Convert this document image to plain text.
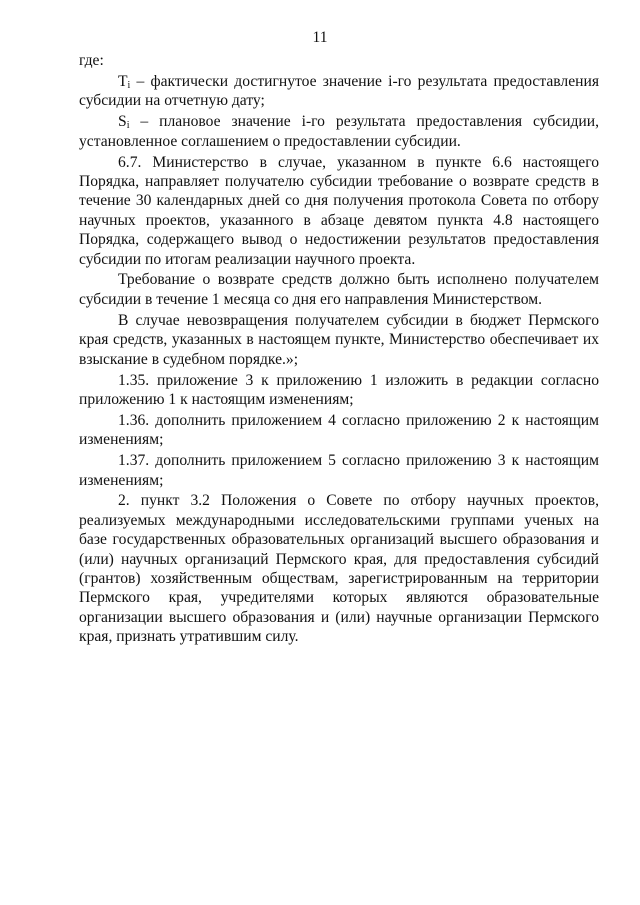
11

где:

$T_i$ – фактически достигнутое значение i-го результата предоставления субсидии на отчетную дату;

$S_i$ – плановое значение i-го результата предоставления субсидии, установленное соглашением о предоставлении субсидии.

6.7. Министерство в случае, указанном в пункте 6.6 настоящего Порядка, направляет получателю субсидии требование о возврате средств в течение 30 календарных дней со дня получения протокола Совета по отбору научных проектов, указанного в абзаце девятом пункта 4.8 настоящего Порядка, содержащего вывод о недостижении результатов предоставления субсидии по итогам реализации научного проекта.

Требование о возврате средств должно быть исполнено получателем субсидии в течение 1 месяца со дня его направления Министерством.

В случае невозвращения получателем субсидии в бюджет Пермского края средств, указанных в настоящем пункте, Министерство обеспечивает их взыскание в судебном порядке.»;

1.35. приложение 3 к приложению 1 изложить в редакции согласно приложению 1 к настоящим изменениям;

1.36. дополнить приложением 4 согласно приложению 2 к настоящим изменениям;

1.37. дополнить приложением 5 согласно приложению 3 к настоящим изменениям;

2. пункт 3.2 Положения о Совете по отбору научных проектов, реализуемых международными исследовательскими группами ученых на базе государственных образовательных организаций высшего образования и (или) научных организаций Пермского края, для предоставления субсидий (грантов) хозяйственным обществам, зарегистрированным на территории Пермского края, учредителями которых являются образовательные организации высшего образования и (или) научные организации Пермского края, признать утратившим силу.
